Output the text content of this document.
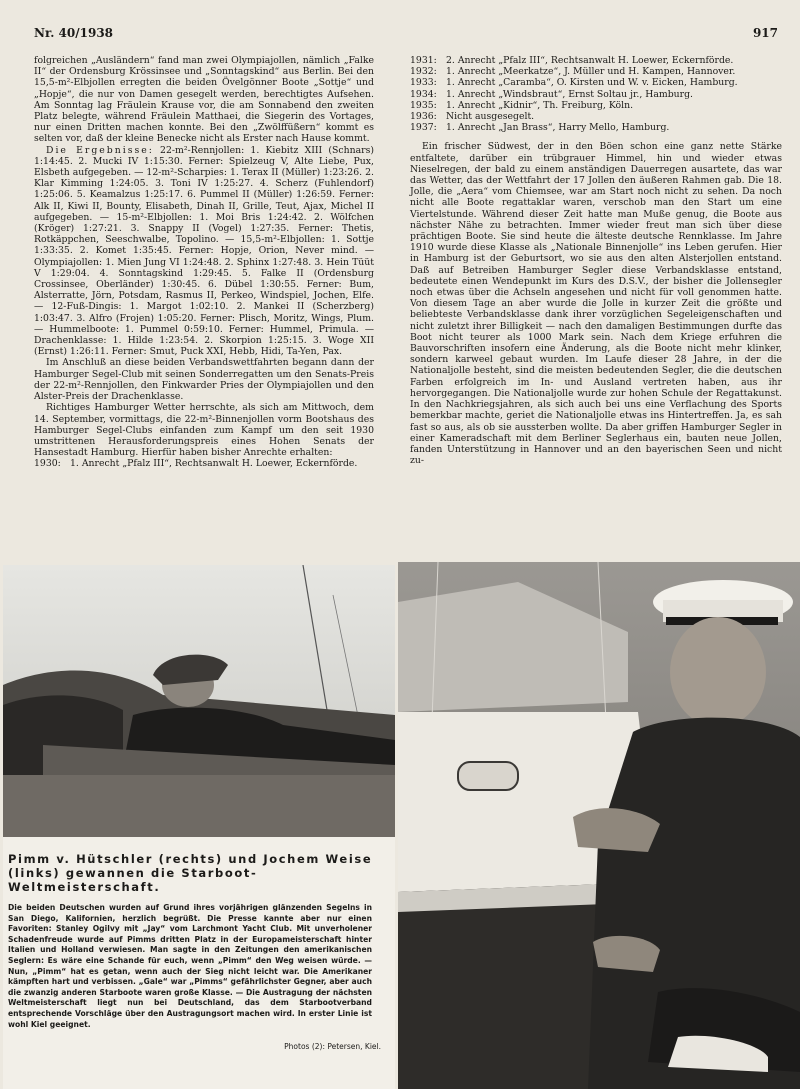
Nr. 40/1938	917

folgreichen „Ausländern“ fand man zwei Olympiajollen, nämlich „Falke II“ der Ordensburg Krössinsee und „Sonntagskind“ aus Berlin. Bei den 15,5-m²-Elbjollen erregten die beiden Övelgönner Boote „Sottje“ und „Hopje“, die nur von Damen gesegelt werden, berechtigtes Aufsehen. Am Sonntag lag Fräulein Krause vor, die am Sonnabend den zweiten Platz belegte, während Fräulein Matthaei, die Siegerin des Vortages, nur einen Dritten machen konnte. Bei den „Zwölffüßern“ kommt es selten vor, daß der kleine Benecke nicht als Erster nach Hause kommt.

Die Ergebnisse: 22-m²-Rennjollen: 1. Kiebitz XIII (Schnars) 1:14:45. 2. Mucki IV 1:15:30. Ferner: Spielzeug V, Alte Liebe, Pux, Elsbeth aufgegeben. — 12-m²-Scharpies: 1. Terax II (Müller) 1:23:26. 2. Klar Kimming 1:24:05. 3. Toni IV 1:25:27. 4. Scherz (Fuhlendorf) 1:25:06. 5. Keamalzus 1:25:17. 6. Pummel II (Müller) 1:26:59. Ferner: Alk II, Kiwi II, Bounty, Elisabeth, Dinah II, Grille, Teut, Ajax, Michel II aufgegeben. — 15-m²-Elbjollen: 1. Moi Bris 1:24:42. 2. Wölfchen (Kröger) 1:27:21. 3. Snappy II (Vogel) 1:27:35. Ferner: Thetis, Rotkäppchen, Seeschwalbe, Topolino. — 15,5-m²-Elbjollen: 1. Sottje 1:33:35. 2. Komet 1:35:45. Ferner: Hopje, Orion, Never mind. — Olympiajollen: 1. Mien Jung VI 1:24:48. 2. Sphinx 1:27:48. 3. Hein Tüüt V 1:29:04. 4. Sonntagskind 1:29:45. 5. Falke II (Ordensburg Crossinsee, Oberländer) 1:30:45. 6. Dübel 1:30:55. Ferner: Bum, Alsterratte, Jörn, Potsdam, Rasmus II, Perkeo, Windspiel, Jochen, Elfe. — 12-Fuß-Dingis: 1. Margot 1:02:10. 2. Mankei II (Scherzberg) 1:03:47. 3. Alfro (Frojen) 1:05:20. Ferner: Plisch, Moritz, Wings, Plum. — Hummelboote: 1. Pummel 0:59:10. Ferner: Hummel, Primula. — Drachenklasse: 1. Hilde 1:23:54. 2. Skorpion 1:25:15. 3. Woge XII (Ernst) 1:26:11. Ferner: Smut, Puck XXI, Hebb, Hidi, Ta-Yen, Pax.

Im Anschluß an diese beiden Verbandswettfahrten begann dann der Hamburger Segel-Club mit seinen Sonderregatten um den Senats-Preis der 22-m²-Rennjollen, den Finkwarder Pries der Olympiajollen und den Alster-Preis der Drachenklasse.

Richtiges Hamburger Wetter herrschte, als sich am Mittwoch, dem 14. September, vormittags, die 22-m²-Binnenjollen vorm Bootshaus des Hamburger Segel-Clubs einfanden zum Kampf um den seit 1930 umstrittenen Herausforderungspreis eines Hohen Senats der Hansestadt Hamburg. Hierfür haben bisher Anrechte erhalten:

1930: 1. Anrecht „Pfalz III“, Rechtsanwalt H. Loewer, Eckernförde.
1931: 2. Anrecht „Pfalz III“, Rechtsanwalt H. Loewer, Eckernförde.
1932: 1. Anrecht „Meerkatze“, J. Müller und H. Kampen, Hannover.
1933: 1. Anrecht „Caramba“, O. Kirsten und W. v. Eicken, Hamburg.
1934: 1. Anrecht „Windsbraut“, Ernst Soltau jr., Hamburg.
1935: 1. Anrecht „Kidnir“, Th. Freiburg, Köln.
1936: Nicht ausgesegelt.
1937: 1. Anrecht „Jan Brass“, Harry Mello, Hamburg.

Ein frischer Südwest, der in den Böen schon eine ganz nette Stärke entfaltete, darüber ein trübgrauer Himmel, hin und wieder etwas Nieselregen, der bald zu einem anständigen Dauerregen ausartete, das war das Wetter, das der Wettfahrt der 17 Jollen den äußeren Rahmen gab. Die 18. Jolle, die „Aera“ vom Chiemsee, war am Start noch nicht zu sehen. Da noch nicht alle Boote regattaklar waren, verschob man den Start um eine Viertelstunde. Während dieser Zeit hatte man Muße genug, die Boote aus nächster Nähe zu betrachten. Immer wieder freut man sich über diese prächtigen Boote. Sie sind heute die älteste deutsche Rennklasse. Im Jahre 1910 wurde diese Klasse als „Nationale Binnenjolle“ ins Leben gerufen. Hier in Hamburg ist der Geburtsort, wo sie aus den alten Alsterjollen entstand. Daß auf Betreiben Hamburger Segler diese Verbandsklasse entstand, bedeutete einen Wendepunkt im Kurs des D.S.V., der bisher die Jollensegler noch etwas über die Achseln angesehen und nicht für voll genommen hatte. Von diesem Tage an aber wurde die Jolle in kurzer Zeit die größte und beliebteste Verbandsklasse dank ihrer vorzüglichen Segeleigenschaften und nicht zuletzt ihrer Billigkeit — nach den damaligen Bestimmungen durfte das Boot nicht teurer als 1000 Mark sein. Nach dem Kriege erfuhren die Bauvorschriften insofern eine Änderung, als die Boote nicht mehr klinker, sondern karweel gebaut wurden. Im Laufe dieser 28 Jahre, in der die Nationaljolle besteht, sind die meisten bedeutenden Segler, die die deutschen Farben erfolgreich im In- und Ausland vertreten haben, aus ihr hervorgegangen. Die Nationaljolle wurde zur hohen Schule der Regattakunst. In den Nachkriegsjahren, als sich auch bei uns eine Verflachung des Sports bemerkbar machte, geriet die Nationaljolle etwas ins Hintertreffen. Ja, es sah fast so aus, als ob sie aussterben wollte. Da aber griffen Hamburger Segler in einer Kameradschaft mit dem Berliner Seglerhaus ein, bauten neue Jollen, fanden Unterstützung in Hannover und an den bayerischen Seen und nicht zu-

Pimm v. Hütschler (rechts) und Jochem Weise (links) gewannen die Starboot-Weltmeisterschaft.
Die beiden Deutschen wurden auf Grund ihres vorjährigen glänzenden Segelns in San Diego, Kalifornien, herzlich begrüßt. Die Presse kannte aber nur einen Favoriten: Stanley Ogilvy mit „Jay“ vom Larchmont Yacht Club. Mit unverholener Schadenfreude wurde auf Pimms dritten Platz in der Europameisterschaft hinter Italien und Holland verwiesen. Man sagte in den Zeitungen den amerikanischen Seglern: Es wäre eine Schande für euch, wenn „Pimm“ den Weg weisen würde. — Nun, „Pimm“ hat es getan, wenn auch der Sieg nicht leicht war. Die Amerikaner kämpften hart und verbissen. „Gale“ war „Pimms“ gefährlichster Gegner, aber auch die zwanzig anderen Starboote waren große Klasse. — Die Austragung der nächsten Weltmeisterschaft liegt nun bei Deutschland, das dem Starbootverband entsprechende Vorschläge über den Austragungsort machen wird. In erster Linie ist wohl Kiel geeignet.
Photos (2): Petersen, Kiel.
